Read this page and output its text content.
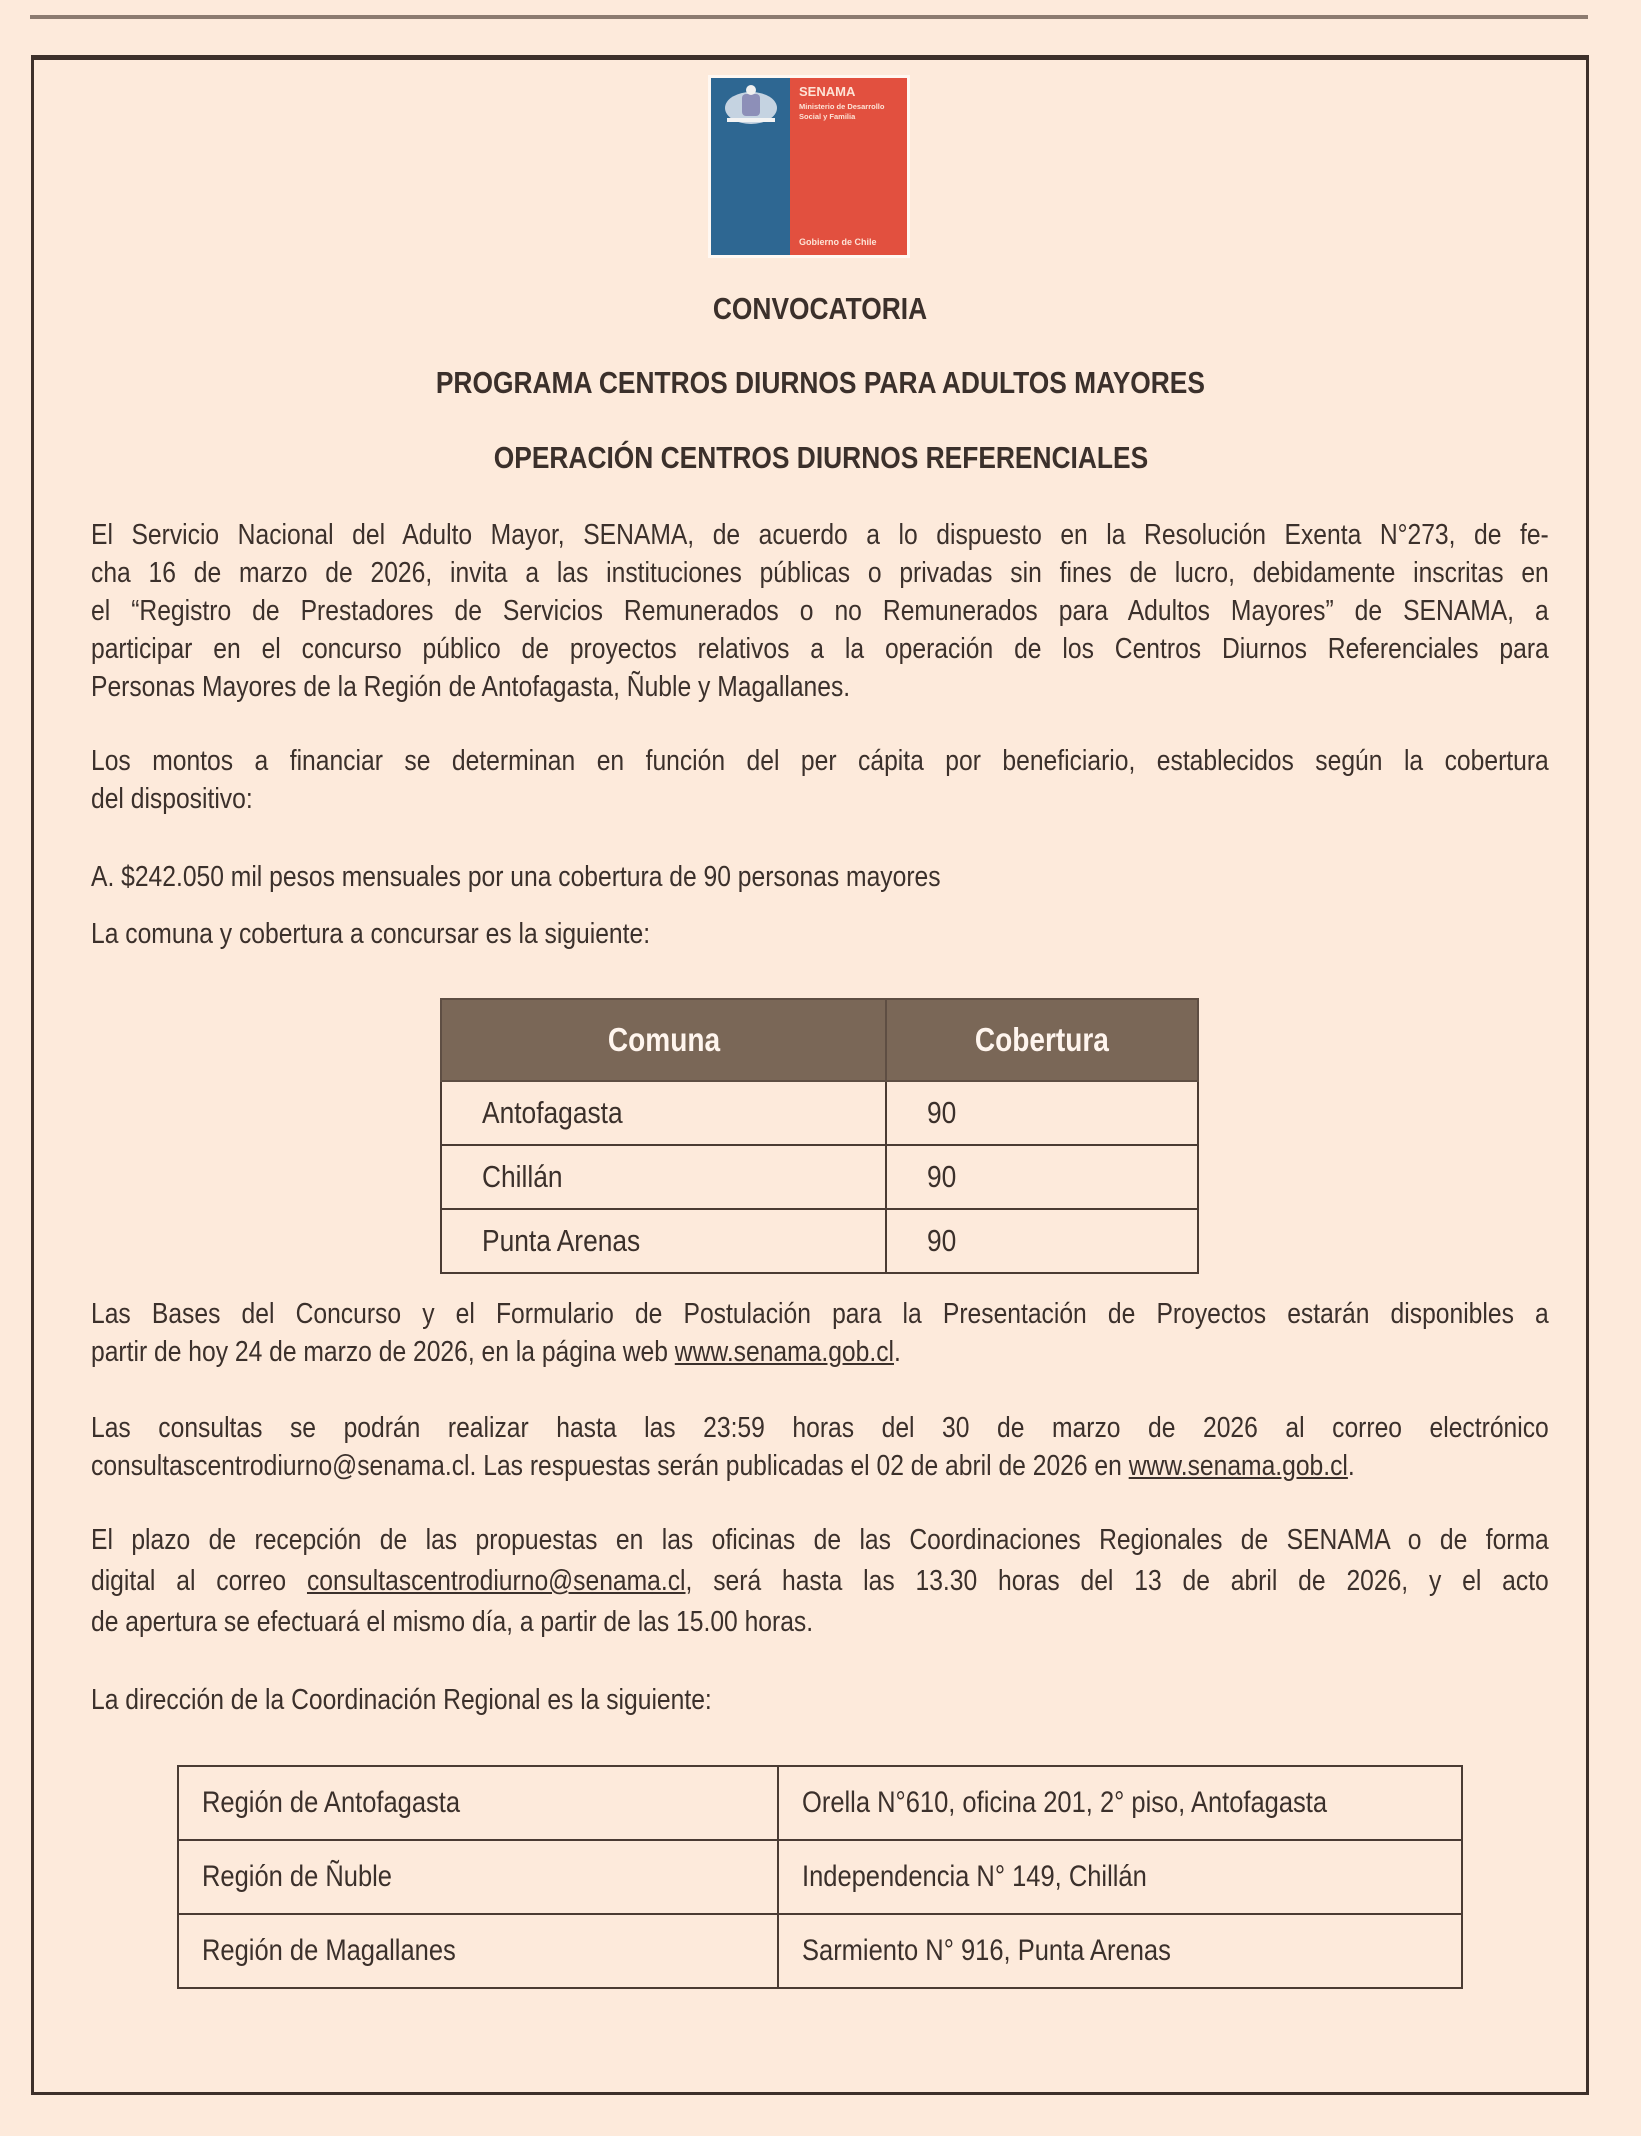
SENAMA
Ministerio de Desarrollo Social y Familia
Gobierno de Chile
CONVOCATORIA
PROGRAMA CENTROS DIURNOS PARA ADULTOS MAYORES
OPERACIÓN CENTROS DIURNOS REFERENCIALES
El Servicio Nacional del Adulto Mayor, SENAMA, de acuerdo a lo dispuesto en la Resolución Exenta N°273, de fe-
cha 16 de marzo de 2026, invita a las instituciones públicas o privadas sin fines de lucro, debidamente inscritas en
el “Registro de Prestadores de Servicios Remunerados o no Remunerados para Adultos Mayores” de SENAMA, a
participar en el concurso público de proyectos relativos a la operación de los Centros Diurnos Referenciales para
Personas Mayores de la Región de Antofagasta, Ñuble y Magallanes.
Los montos a financiar se determinan en función del per cápita por beneficiario, establecidos según la cobertura
del dispositivo:
A. $242.050 mil pesos mensuales por una cobertura de 90 personas mayores
La comuna y cobertura a concursar es la siguiente:
Comuna	Cobertura
Antofagasta	90
Chillán	90
Punta Arenas	90
Las Bases del Concurso y el Formulario de Postulación para la Presentación de Proyectos estarán disponibles a
partir de hoy 24 de marzo de 2026, en la página web www.senama.gob.cl.
Las consultas se podrán realizar hasta las 23:59 horas del 30 de marzo de 2026 al correo electrónico
consultascentrodiurno@senama.cl. Las respuestas serán publicadas el 02 de abril de 2026 en www.senama.gob.cl.
El plazo de recepción de las propuestas en las oficinas de las Coordinaciones Regionales de SENAMA o de forma
digital al correo consultascentrodiurno@senama.cl, será hasta las 13.30 horas del 13 de abril de 2026, y el acto
de apertura se efectuará el mismo día, a partir de las 15.00 horas.
La dirección de la Coordinación Regional es la siguiente:
Región de Antofagasta	Orella N°610, oficina 201, 2° piso, Antofagasta
Región de Ñuble	Independencia N° 149, Chillán
Región de Magallanes	Sarmiento N° 916, Punta Arenas
